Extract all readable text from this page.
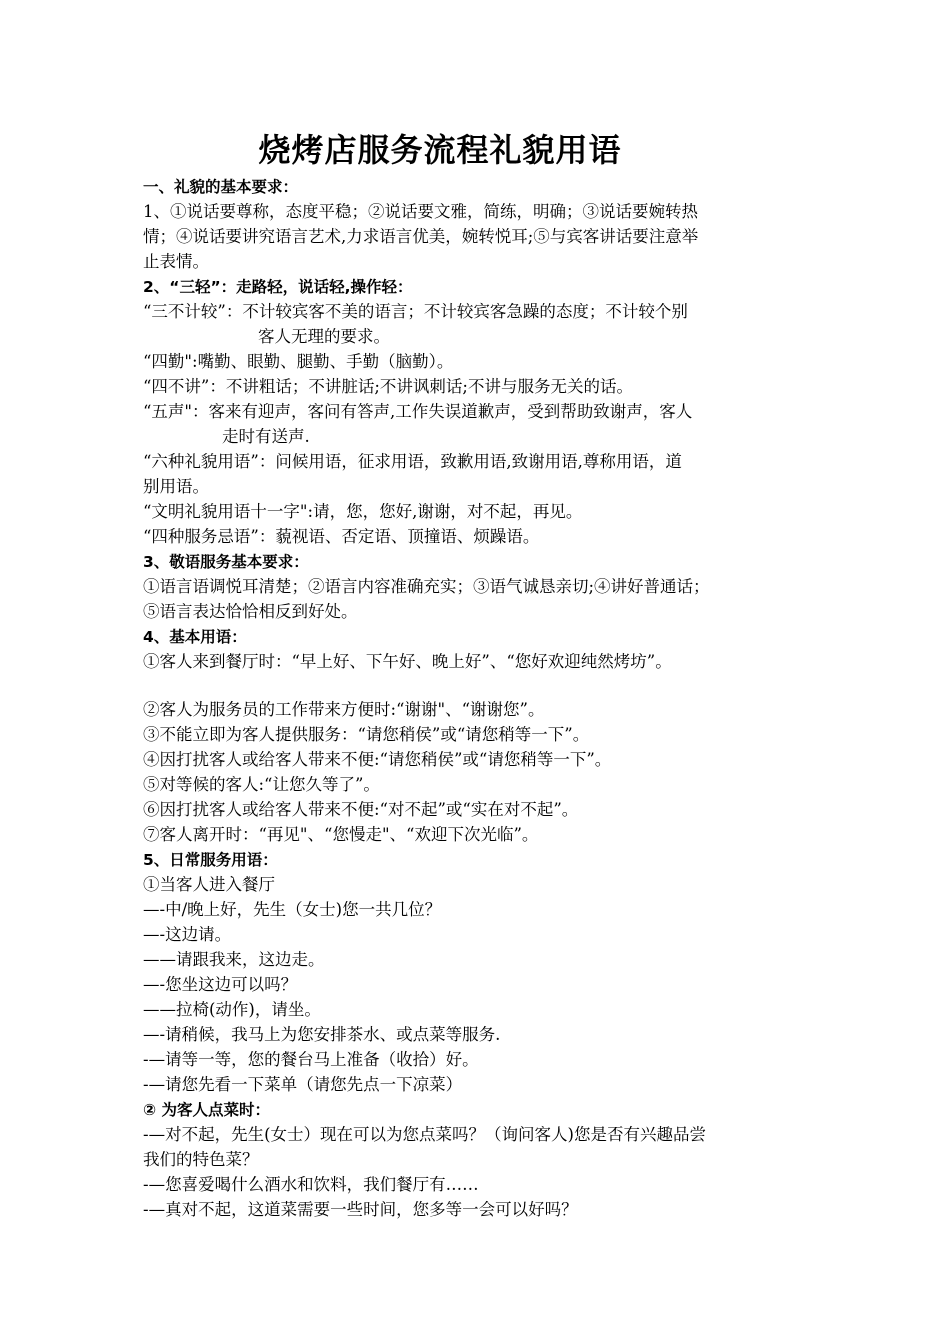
烧烤店服务流程礼貌用语
一、礼貌的基本要求：
1、①说话要尊称，态度平稳；②说话要文雅，简练，明确；③说话要婉转热
情；④说话要讲究语言艺术,力求语言优美，婉转悦耳;⑤与宾客讲话要注意举
止表情。
2、“三轻”：走路轻，说话轻,操作轻：
“三不计较”：不计较宾客不美的语言；不计较宾客急躁的态度；不计较个别
客人无理的要求。
“四勤":嘴勤、眼勤、腿勤、手勤（脑勤）。
“四不讲”：不讲粗话；不讲脏话;不讲讽刺话;不讲与服务无关的话。
“五声"：客来有迎声，客问有答声,工作失误道歉声，受到帮助致谢声，客人
走时有送声.
“六种礼貌用语”：问候用语，征求用语，致歉用语,致谢用语,尊称用语，道
别用语。
“文明礼貌用语十一字":请，您，您好,谢谢，对不起，再见。
“四种服务忌语”：藐视语、否定语、顶撞语、烦躁语。
3、敬语服务基本要求：
①语言语调悦耳清楚；②语言内容准确充实；③语气诚恳亲切;④讲好普通话；
⑤语言表达恰恰相反到好处。
4、基本用语：
①客人来到餐厅时：“早上好、下午好、晚上好”、“您好欢迎纯然烤坊”。
②客人为服务员的工作带来方便时:“谢谢"、“谢谢您”。
③不能立即为客人提供服务：“请您稍侯”或“请您稍等一下”。
④因打扰客人或给客人带来不便:“请您稍侯”或“请您稍等一下”。
⑤对等候的客人:“让您久等了”。
⑥因打扰客人或给客人带来不便:“对不起”或“实在对不起”。
⑦客人离开时：“再见"、“您慢走"、“欢迎下次光临”。
5、日常服务用语：
①当客人进入餐厅
—-中/晚上好，先生（女士)您一共几位？
—-这边请。
——请跟我来，这边走。
—-您坐这边可以吗？
——拉椅(动作)，请坐。
—-请稍候，我马上为您安排茶水、或点菜等服务.
-—请等一等，您的餐台马上准备（收拾）好。
-—请您先看一下菜单（请您先点一下凉菜）
② 为客人点菜时：
-—对不起，先生(女士）现在可以为您点菜吗？（询问客人)您是否有兴趣品尝
我们的特色菜？
-—您喜爱喝什么酒水和饮料，我们餐厅有……
-—真对不起，这道菜需要一些时间，您多等一会可以好吗？
